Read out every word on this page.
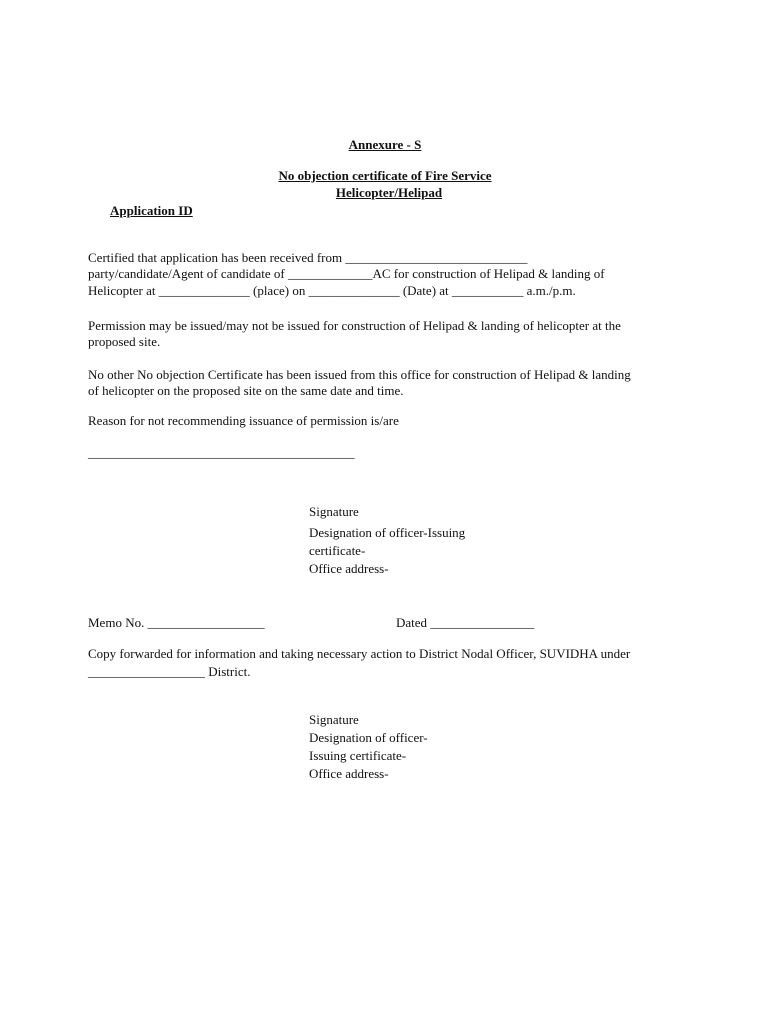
Annexure - S
No objection certificate of Fire Service
Helicopter/Helipad
Application ID
Certified that application has been received from ____________________________
party/candidate/Agent of candidate of _____________AC for construction of Helipad & landing of
Helicopter at ______________ (place) on ______________ (Date) at ___________ a.m./p.m.
Permission may be issued/may not be issued for construction of Helipad & landing of helicopter at the
proposed site.
No other No objection Certificate has been issued from this office for construction of Helipad & landing
of helicopter on the proposed site on the same date and time.
Reason for not recommending issuance of permission is/are
_________________________________________
Signature
Designation of officer-Issuing
certificate-
Office address-
Memo No. __________________	Dated ________________
Copy forwarded for information and taking necessary action to District Nodal Officer, SUVIDHA under
__________________ District.
Signature
Designation of officer-
Issuing certificate-
Office address-
